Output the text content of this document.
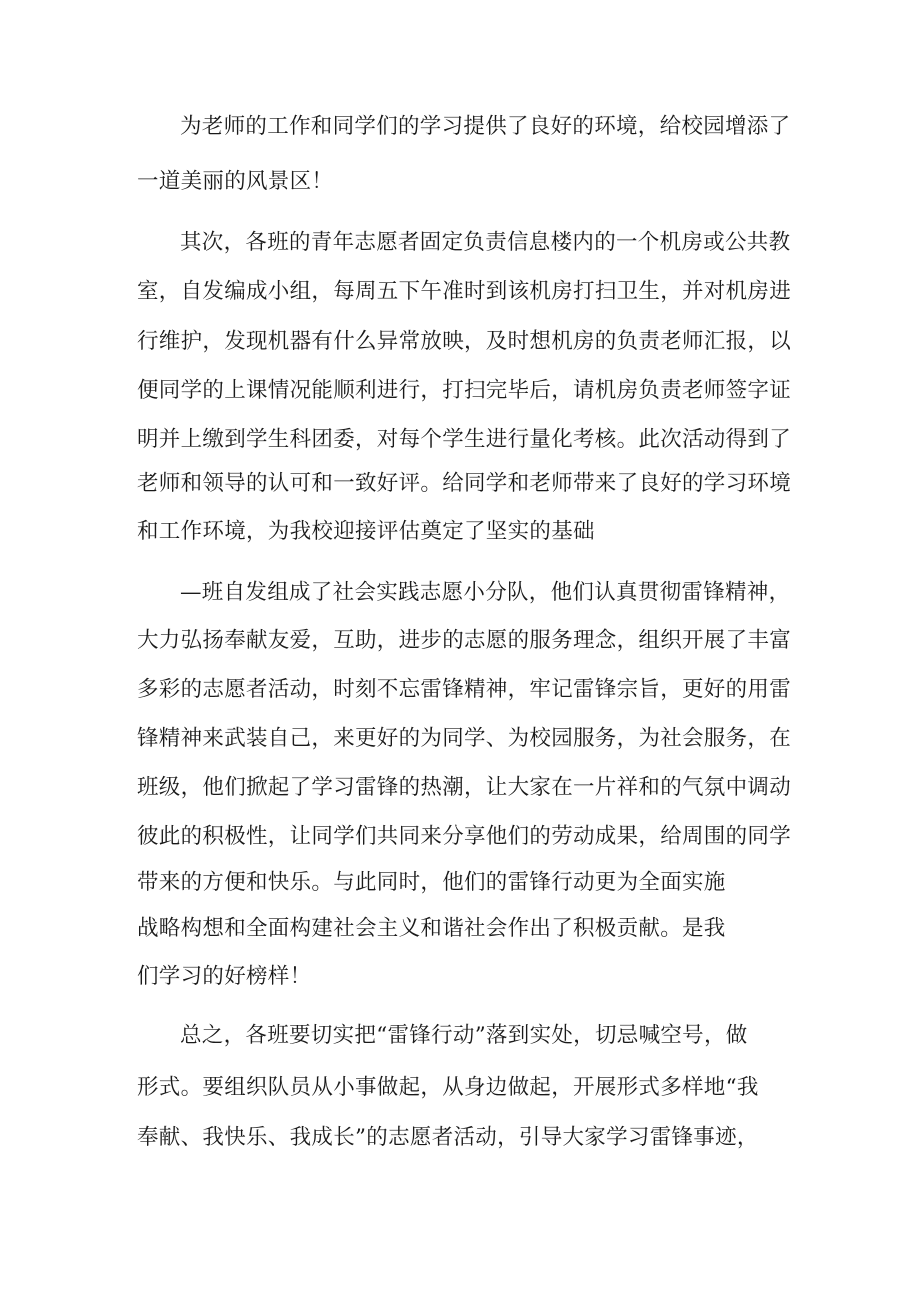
为老师的工作和同学们的学习提供了良好的环境，给校园增添了
一道美丽的风景区！
其次，各班的青年志愿者固定负责信息楼内的一个机房或公共教
室，自发编成小组，每周五下午准时到该机房打扫卫生，并对机房进
行维护，发现机器有什么异常放映，及时想机房的负责老师汇报，以
便同学的上课情况能顺利进行，打扫完毕后，请机房负责老师签字证
明并上缴到学生科团委，对每个学生进行量化考核。此次活动得到了
老师和领导的认可和一致好评。给同学和老师带来了良好的学习环境
和工作环境，为我校迎接评估奠定了坚实的基础
—班自发组成了社会实践志愿小分队，他们认真贯彻雷锋精神，
大力弘扬奉献友爱，互助，进步的志愿的服务理念，组织开展了丰富
多彩的志愿者活动，时刻不忘雷锋精神，牢记雷锋宗旨，更好的用雷
锋精神来武装自己，来更好的为同学、为校园服务，为社会服务，在
班级，他们掀起了学习雷锋的热潮，让大家在一片祥和的气氛中调动
彼此的积极性，让同学们共同来分享他们的劳动成果，给周围的同学
带来的方便和快乐。与此同时，他们的雷锋行动更为全面实施
战略构想和全面构建社会主义和谐社会作出了积极贡献。是我
们学习的好榜样！
总之，各班要切实把“雷锋行动”落到实处，切忌喊空号，做
形式。要组织队员从小事做起，从身边做起，开展形式多样地“我
奉献、我快乐、我成长”的志愿者活动，引导大家学习雷锋事迹，
